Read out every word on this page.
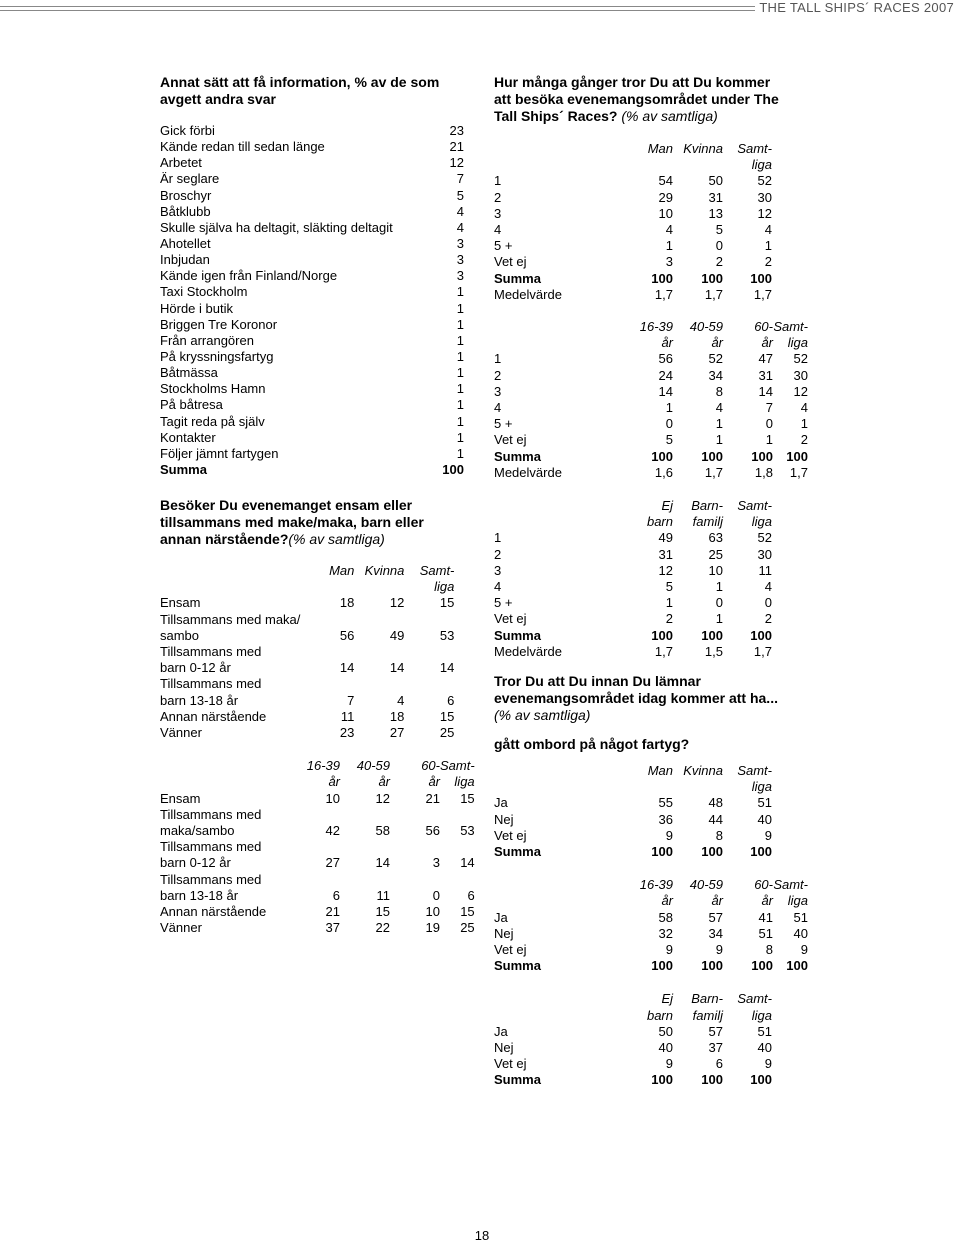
THE TALL SHIPS´ RACES 2007
Annat sätt att få information, % av de som
avgett andra svar
Gick förbi	23
Kände redan till sedan länge	21
Arbetet	12
Är seglare	7
Broschyr	5
Båtklubb	4
Skulle själva ha deltagit, släkting deltagit	4
Ahotellet	3
Inbjudan	3
Kände igen från Finland/Norge	3
Taxi Stockholm	1
Hörde i butik	1
Briggen Tre Koronor	1
Från arrangören	1
På kryssningsfartyg	1
Båtmässa	1
Stockholms Hamn	1
På båtresa	1
Tagit reda på själv	1
Kontakter	1
Följer jämnt fartygen	1
Summa	100
Besöker Du evenemanget ensam eller
tillsammans med make/maka, barn eller
annan närstående?(% av samtliga)
	Man	Kvinna	Samt-
			liga
Ensam	18	12	15
Tillsammans med maka/			
sambo	56	49	53
Tillsammans med			
barn 0-12 år	14	14	14
Tillsammans med			
barn 13-18 år	7	4	6
Annan närstående	11	18	15
Vänner	23	27	25
	16-39	40-59	60-	Samt-
	år	år	år	liga
Ensam	10	12	21	15
Tillsammans med				
maka/sambo	42	58	56	53
Tillsammans med				
barn 0-12 år	27	14	3	14
Tillsammans med				
barn 13-18 år	6	11	0	6
Annan närstående	21	15	10	15
Vänner	37	22	19	25
Hur många gånger tror Du att Du kommer
att besöka evenemangsområdet under The
Tall Ships´ Races? (% av samtliga)
	Man	Kvinna	Samt-
			liga
1	54	50	52
2	29	31	30
3	10	13	12
4	4	5	4
5 +	1	0	1
Vet ej	3	2	2
Summa	100	100	100
Medelvärde	1,7	1,7	1,7
	16-39	40-59	60-	Samt-
	år	år	år	liga
1	56	52	47	52
2	24	34	31	30
3	14	8	14	12
4	1	4	7	4
5 +	0	1	0	1
Vet ej	5	1	1	2
Summa	100	100	100	100
Medelvärde	1,6	1,7	1,8	1,7
	Ej	Barn-	Samt-
	barn	familj	liga
1	49	63	52
2	31	25	30
3	12	10	11
4	5	1	4
5 +	1	0	0
Vet ej	2	1	2
Summa	100	100	100
Medelvärde	1,7	1,5	1,7
Tror Du att Du innan Du lämnar
evenemangsområdet idag kommer att ha...
(% av samtliga)
gått ombord på något fartyg?
	Man	Kvinna	Samt-
			liga
Ja	55	48	51
Nej	36	44	40
Vet ej	9	8	9
Summa	100	100	100
	16-39	40-59	60-	Samt-
	år	år	år	liga
Ja	58	57	41	51
Nej	32	34	51	40
Vet ej	9	9	8	9
Summa	100	100	100	100
	Ej	Barn-	Samt-
	barn	familj	liga
Ja	50	57	51
Nej	40	37	40
Vet ej	9	6	9
Summa	100	100	100
18
